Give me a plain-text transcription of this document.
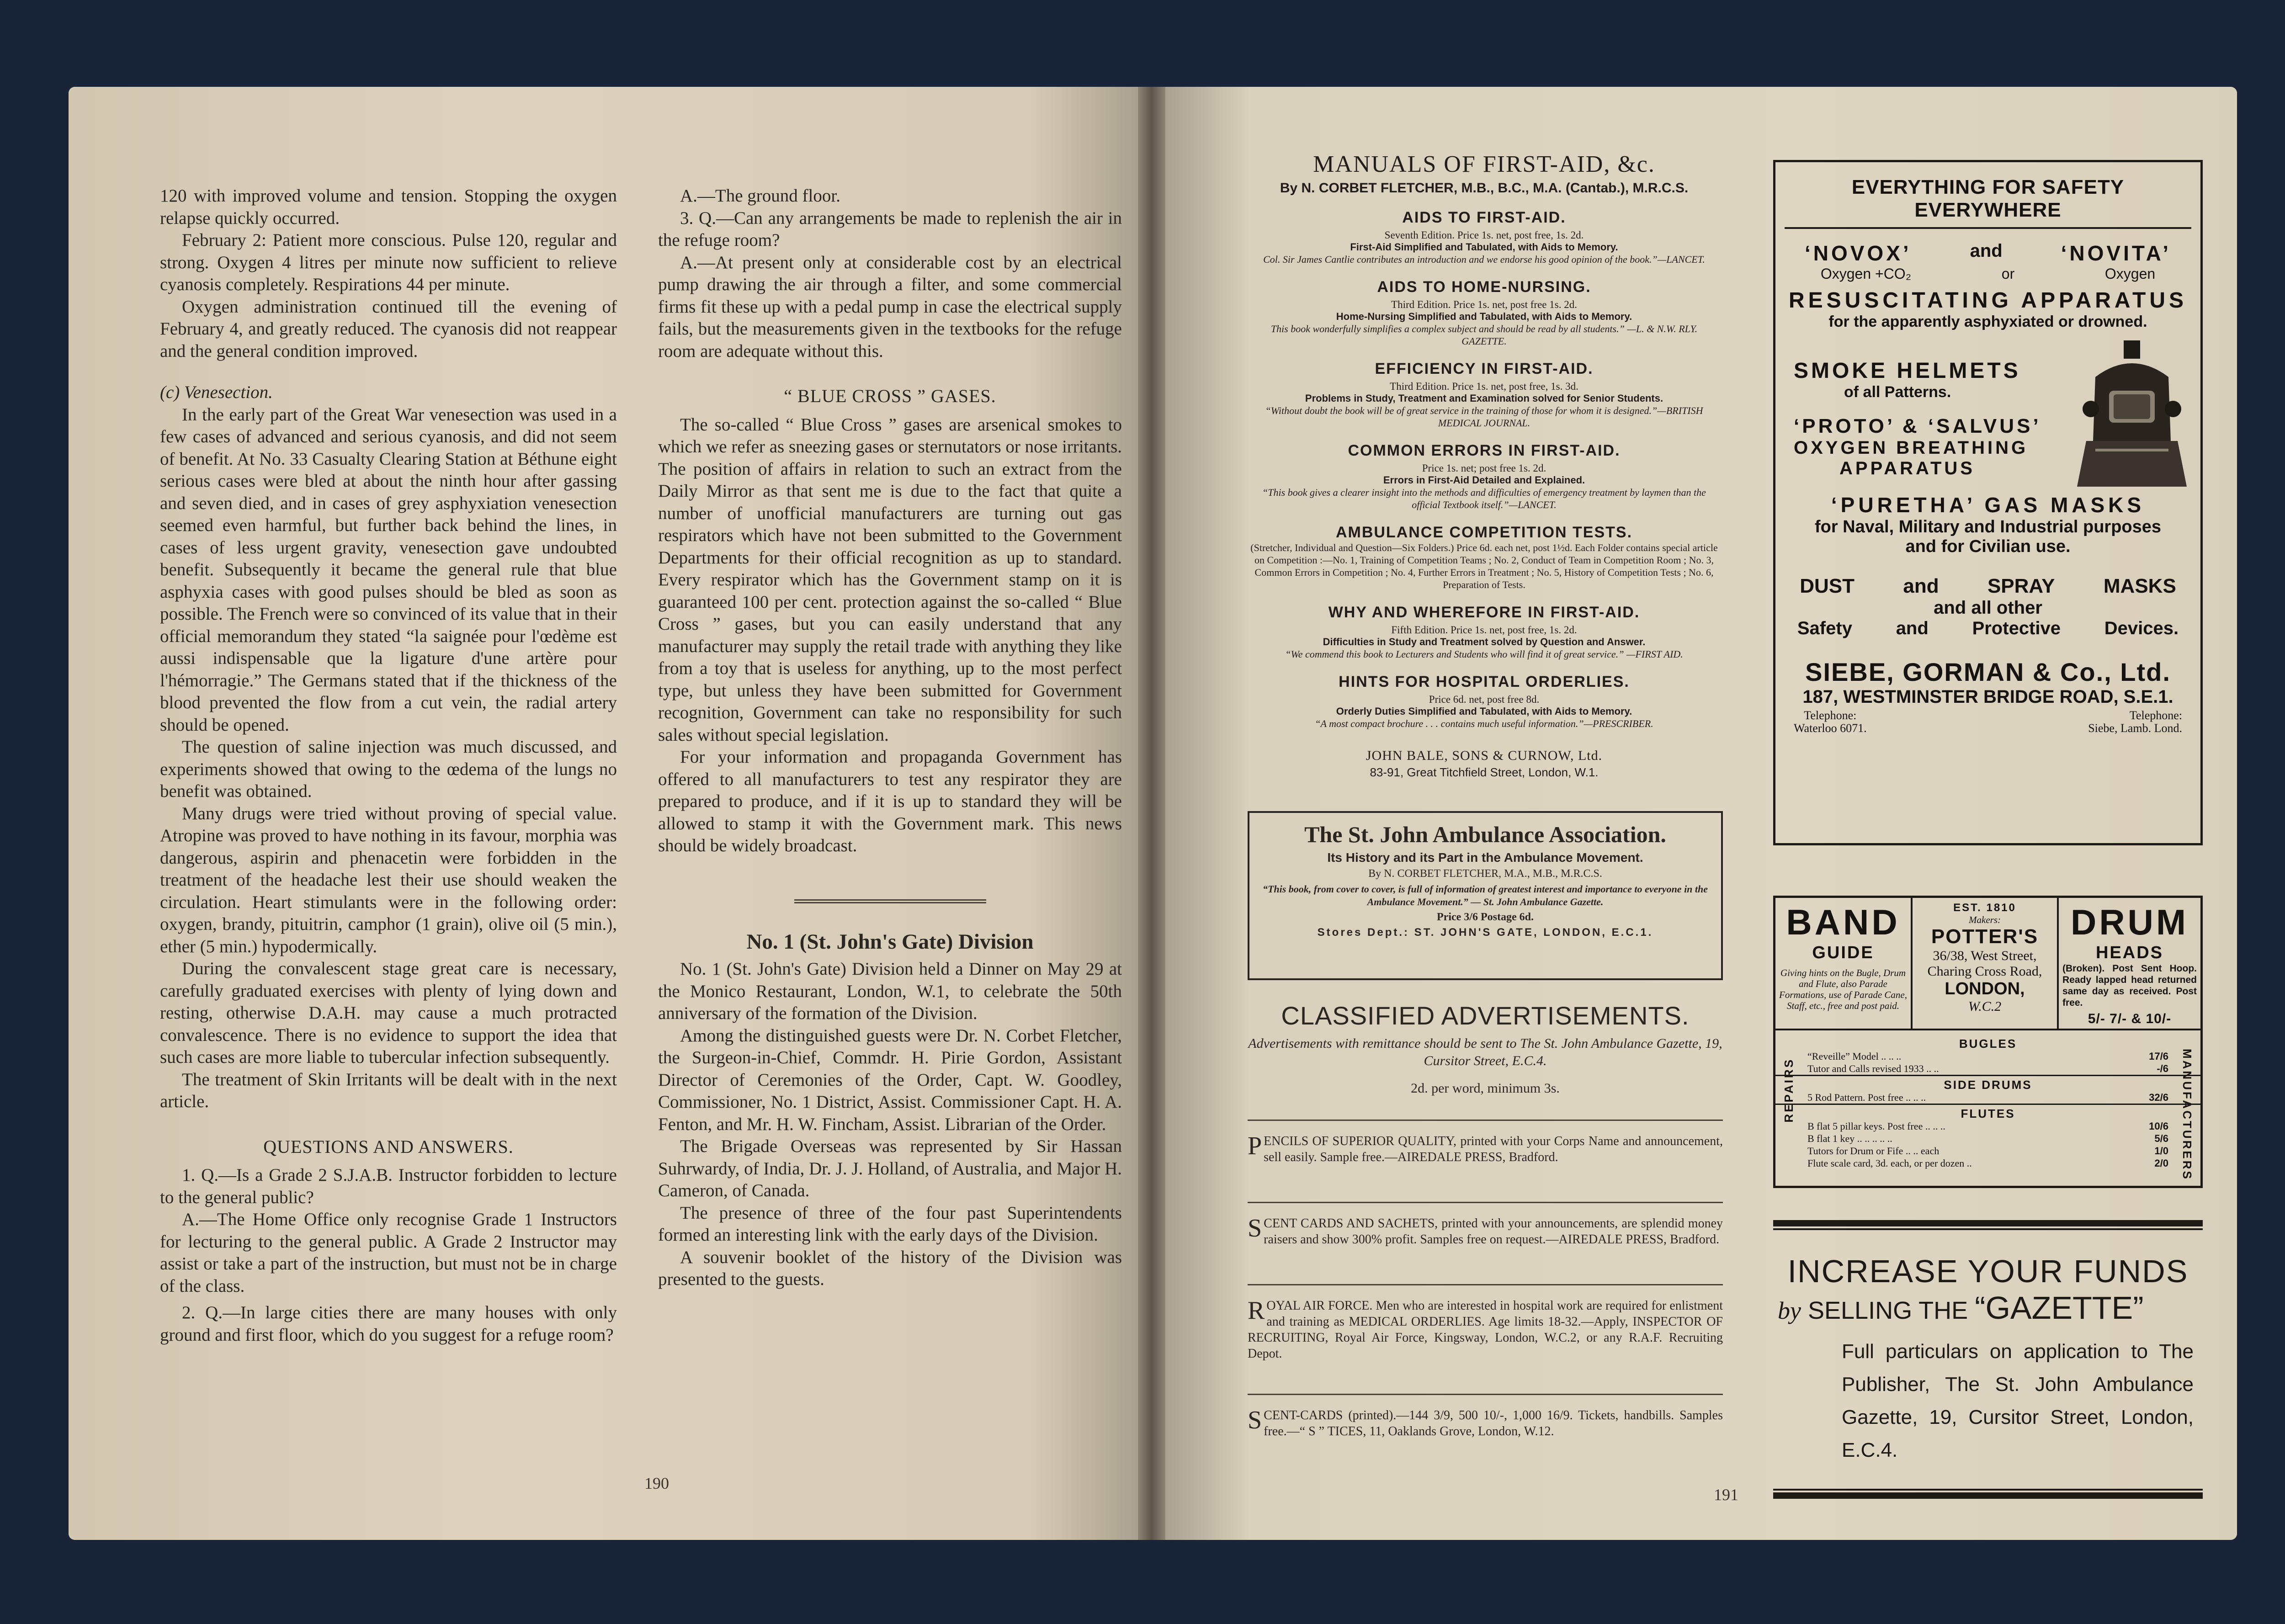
120 with improved volume and tension. Stopping the oxygen relapse quickly occurred.

February 2: Patient more conscious. Pulse 120, regular and strong. Oxygen 4 litres per minute now sufficient to relieve cyanosis completely. Respirations 44 per minute.

Oxygen administration continued till the evening of February 4, and greatly reduced. The cyanosis did not reappear and the general condition improved.

(c) Venesection.

In the early part of the Great War venesection was used in a few cases of advanced and serious cyanosis, and did not seem of benefit. At No. 33 Casualty Clearing Station at Béthune eight serious cases were bled at about the ninth hour after gassing and seven died, and in cases of grey asphyxiation venesection seemed even harmful, but further back behind the lines, in cases of less urgent gravity, venesection gave undoubted benefit. Subsequently it became the general rule that blue asphyxia cases with good pulses should be bled as soon as possible. The French were so convinced of its value that in their official memorandum they stated “la saignée pour l'œdème est aussi indispensable que la ligature d'une artère pour l'hémorragie.” The Germans stated that if the thickness of the blood prevented the flow from a cut vein, the radial artery should be opened.

The question of saline injection was much discussed, and experiments showed that owing to the œdema of the lungs no benefit was obtained.

Many drugs were tried without proving of special value. Atropine was proved to have nothing in its favour, morphia was dangerous, aspirin and phenacetin were forbidden in the treatment of the headache lest their use should weaken the circulation. Heart stimulants were in the following order: oxygen, brandy, pituitrin, camphor (1 grain), olive oil (5 min.), ether (5 min.) hypodermically.

During the convalescent stage great care is necessary, carefully graduated exercises with plenty of lying down and resting, otherwise D.A.H. may cause a much protracted convalescence. There is no evidence to support the idea that such cases are more liable to tubercular infection subsequently.

The treatment of Skin Irritants will be dealt with in the next article.

QUESTIONS AND ANSWERS.

1. Q.—Is a Grade 2 S.J.A.B. Instructor forbidden to lecture to the general public?

A.—The Home Office only recognise Grade 1 Instructors for lecturing to the general public. A Grade 2 Instructor may assist or take a part of the instruction, but must not be in charge of the class.

2. Q.—In large cities there are many houses with only ground and first floor, which do you suggest for a refuge room?

A.—The ground floor.

3. Q.—Can any arrangements be made to replenish the air in the refuge room?

A.—At present only at considerable cost by an electrical pump drawing the air through a filter, and some commercial firms fit these up with a pedal pump in case the electrical supply fails, but the measurements given in the textbooks for the refuge room are adequate without this.

“ BLUE CROSS ” GASES.

The so-called “ Blue Cross ” gases are arsenical smokes to which we refer as sneezing gases or sternutators or nose irritants. The position of affairs in relation to such an extract from the Daily Mirror as that sent me is due to the fact that quite a number of unofficial manufacturers are turning out gas respirators which have not been submitted to the Government Departments for their official recognition as up to standard. Every respirator which has the Government stamp on it is guaranteed 100 per cent. protection against the so-called “ Blue Cross ” gases, but you can easily understand that any manufacturer may supply the retail trade with anything they like from a toy that is useless for anything, up to the most perfect type, but unless they have been submitted for Government recognition, Government can take no responsibility for such sales without special legislation.

For your information and propaganda Government has offered to all manufacturers to test any respirator they are prepared to produce, and if it is up to standard they will be allowed to stamp it with the Government mark. This news should be widely broadcast.

No. 1 (St. John's Gate) Division

No. 1 (St. John's Gate) Division held a Dinner on May 29 at the Monico Restaurant, London, W.1, to celebrate the 50th anniversary of the formation of the Division.

Among the distinguished guests were Dr. N. Corbet Fletcher, the Surgeon-in-Chief, Commdr. H. Pirie Gordon, Assistant Director of Ceremonies of the Order, Capt. W. Goodley, Commissioner, No. 1 District, Assist. Commissioner Capt. H. A. Fenton, and Mr. H. W. Fincham, Assist. Librarian of the Order.

The Brigade Overseas was represented by Sir Hassan Suhrwardy, of India, Dr. J. J. Holland, of Australia, and Major H. Cameron, of Canada.

The presence of three of the four past Superintendents formed an interesting link with the early days of the Division.

A souvenir booklet of the history of the Division was presented to the guests.

190
MANUALS OF FIRST-AID, &c.
By N. CORBET FLETCHER, M.B., B.C., M.A. (Cantab.), M.R.C.S.
AIDS TO FIRST-AID.
Seventh Edition. Price 1s. net, post free, 1s. 2d.
First-Aid Simplified and Tabulated, with Aids to Memory.
Col. Sir James Cantlie contributes an introduction and we endorse his good opinion of the book.”—LANCET.
AIDS TO HOME-NURSING.
Third Edition. Price 1s. net, post free 1s. 2d.
Home-Nursing Simplified and Tabulated, with Aids to Memory.
This book wonderfully simplifies a complex subject and should be read by all students.” —L. & N.W. RLY. GAZETTE.
EFFICIENCY IN FIRST-AID.
Third Edition. Price 1s. net, post free, 1s. 3d.
Problems in Study, Treatment and Examination solved for Senior Students.
“Without doubt the book will be of great service in the training of those for whom it is designed.”—BRITISH MEDICAL JOURNAL.
COMMON ERRORS IN FIRST-AID.
Price 1s. net; post free 1s. 2d.
Errors in First-Aid Detailed and Explained.
“This book gives a clearer insight into the methods and difficulties of emergency treatment by laymen than the official Textbook itself.”—LANCET.
AMBULANCE COMPETITION TESTS.
(Stretcher, Individual and Question—Six Folders.) Price 6d. each net, post 1½d. Each Folder contains special article on Competition :—No. 1, Training of Competition Teams ; No. 2, Conduct of Team in Competition Room ; No. 3, Common Errors in Competition ; No. 4, Further Errors in Treatment ; No. 5, History of Competition Tests ; No. 6, Preparation of Tests.
WHY AND WHEREFORE IN FIRST-AID.
Fifth Edition. Price 1s. net, post free, 1s. 2d.
Difficulties in Study and Treatment solved by Question and Answer.
“We commend this book to Lecturers and Students who will find it of great service.” —FIRST AID.
HINTS FOR HOSPITAL ORDERLIES.
Price 6d. net, post free 8d.
Orderly Duties Simplified and Tabulated, with Aids to Memory.
“A most compact brochure . . . contains much useful information.”—PRESCRIBER.
JOHN BALE, SONS & CURNOW, Ltd.
83-91, Great Titchfield Street, London, W.1.
The St. John Ambulance Association.
Its History and its Part in the Ambulance Movement.
By N. CORBET FLETCHER, M.A., M.B., M.R.C.S.
“This book, from cover to cover, is full of information of greatest interest and importance to everyone in the Ambulance Movement.” — St. John Ambulance Gazette.
Price 3/6 Postage 6d.
Stores Dept.: ST. JOHN'S GATE, LONDON, E.C.1.
CLASSIFIED ADVERTISEMENTS.
Advertisements with remittance should be sent to The St. John Ambulance Gazette, 19, Cursitor Street, E.C.4.
2d. per word, minimum 3s.
PENCILS OF SUPERIOR QUALITY, printed with your Corps Name and announcement, sell easily. Sample free.—AIREDALE PRESS, Bradford.
SCENT CARDS AND SACHETS, printed with your announcements, are splendid money raisers and show 300% profit. Samples free on request.—AIREDALE PRESS, Bradford.
ROYAL AIR FORCE. Men who are interested in hospital work are required for enlistment and training as MEDICAL ORDERLIES. Age limits 18-32.—Apply, INSPECTOR OF RECRUITING, Royal Air Force, Kingsway, London, W.C.2, or any R.A.F. Recruiting Depot.
SCENT-CARDS (printed).—144 3/9, 500 10/-, 1,000 16/9. Tickets, handbills. Samples free.—“ S ” TICES, 11, Oaklands Grove, London, W.12.
191
EVERYTHING FOR SAFETY EVERYWHERE
‘NOVOX’	and	‘NOVITA’
Oxygen +CO₂	or	Oxygen
RESUSCITATING APPARATUS
for the apparently asphyxiated or drowned.
SMOKE HELMETS
of all Patterns.
‘PROTO’ & ‘SALVUS’
OXYGEN BREATHING
APPARATUS
‘PURETHA’ GAS MASKS
for Naval, Military and Industrial purposes
and for Civilian use.
DUST and SPRAY MASKS
and all other
Safety and Protective Devices.
SIEBE, GORMAN & Co., Ltd.
187, WESTMINSTER BRIDGE ROAD, S.E.1.
Telephone:
Waterloo 6071.
Telephone:
Siebe, Lamb. Lond.
BAND
GUIDE
Giving hints on the Bugle, Drum and Flute, also Parade Formations, use of Parade Cane, Staff, etc., free and post paid.
EST. 1810
Makers:
POTTER'S
36/38, West Street,
Charing Cross Road,
LONDON,
W.C.2
DRUM
HEADS
(Broken). Post Sent Hoop. Ready lapped head returned same day as received. Post free.
5/- 7/- & 10/-
REPAIRS	MANUFACTURERS
BUGLES
“Reveille” Model .. .. ..	17/6
Tutor and Calls revised 1933 .. ..	-/6
SIDE DRUMS
5 Rod Pattern. Post free .. .. ..	32/6
FLUTES
B flat 5 pillar keys. Post free .. .. ..	10/6
B flat 1 key .. .. .. .. ..	5/6
Tutors for Drum or Fife .. .. each	1/0
Flute scale card, 3d. each, or per dozen ..	2/0
INCREASE YOUR FUNDS
by SELLING THE “GAZETTE”
Full particulars on application to The Publisher, The St. John Ambulance Gazette, 19, Cursitor Street, London, E.C.4.
